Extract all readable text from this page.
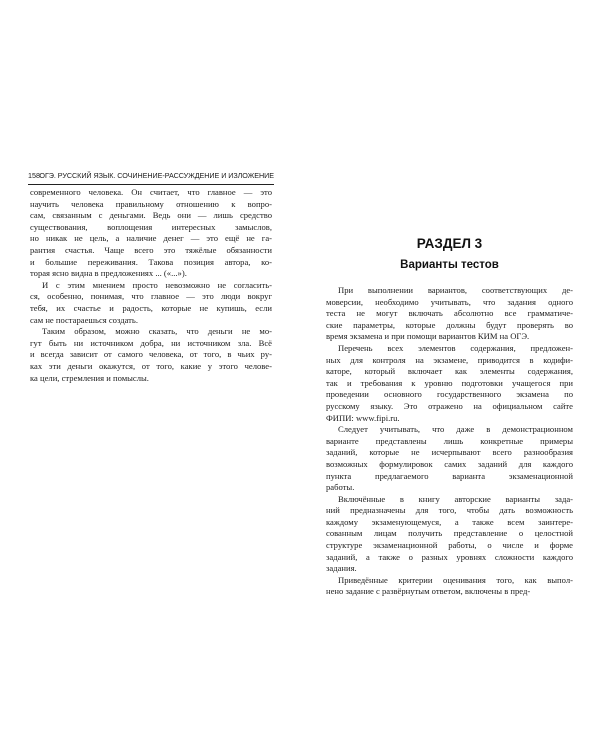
158 ОГЭ. РУССКИЙ ЯЗЫК. СОЧИНЕНИЕ-РАССУЖДЕНИЕ И ИЗЛОЖЕНИЕ
РАЗДЕЛ 3
Варианты тестов

современного человека. Он считает, что главное — это
научить человека правильному отношению к вопро-
сам, связанным с деньгами. Ведь они — лишь средство
существования, воплощения интересных замыслов,
но никак не цель, а наличие денег — это ещё не га-
рантия счастья. Чаще всего это тяжёлые обязанности
и большие переживания. Такова позиция автора, ко-
торая ясно видна в предложениях ... («...»).

И с этим мнением просто невозможно не согласить-
ся, особенно, понимая, что главное — это люди вокруг
тебя, их счастье и радость, которые не купишь, если
сам не постараешься создать.

Таким образом, можно сказать, что деньги не мо-
гут быть ни источником добра, ни источником зла. Всё
и всегда зависит от самого человека, от того, в чьих ру-
ках эти деньги окажутся, от того, какие у этого челове-
ка цели, стремления и помыслы.

При выполнении вариантов, соответствующих де-
моверсии, необходимо учитывать, что задания одного
теста не могут включать абсолютно все грамматиче-
ские параметры, которые должны будут проверять во
время экзамена и при помощи вариантов КИМ на ОГЭ.

Перечень всех элементов содержания, предложен-
ных для контроля на экзамене, приводится в кодифи-
каторе, который включает как элементы содержания,
так и требования к уровню подготовки учащегося при
проведении основного государственного экзамена по
русскому языку. Это отражено на официальном сайте
ФИПИ: www.fipi.ru.

Следует учитывать, что даже в демонстрационном
варианте представлены лишь конкретные примеры
заданий, которые не исчерпывают всего разнообразия
возможных формулировок самих заданий для каждого
пункта предлагаемого варианта экзаменационной
работы.

Включённые в книгу авторские варианты зада-
ний предназначены для того, чтобы дать возможность
каждому экзаменующемуся, а также всем заинтере-
сованным лицам получить представление о целостной
структуре экзаменационной работы, о числе и форме
заданий, а также о разных уровнях сложности каждого
задания.

Приведённые критерии оценивания того, как выпол-
нено задание с развёрнутым ответом, включены в пред-
